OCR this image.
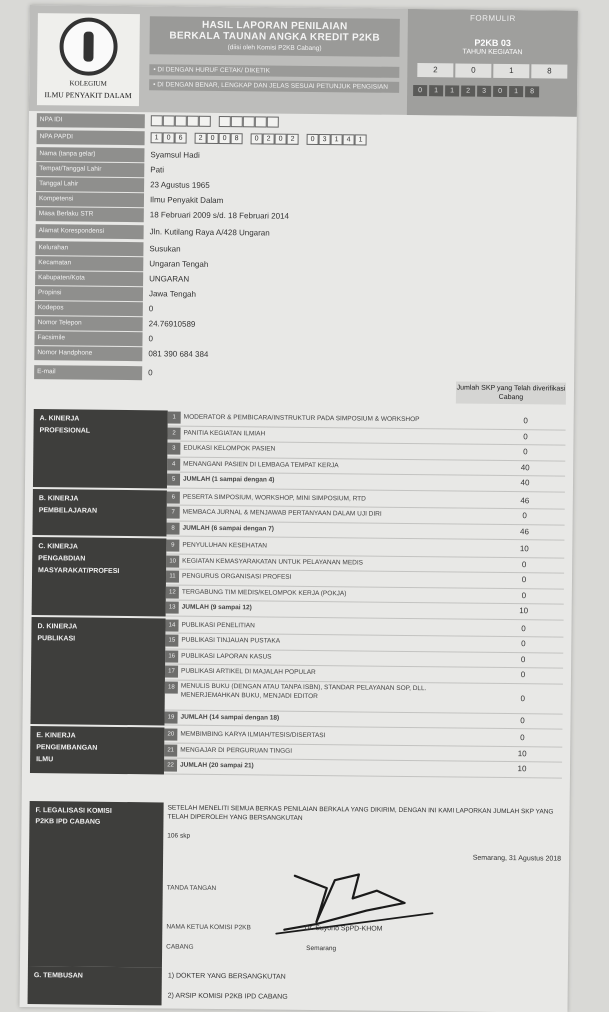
KOLEGIUM
ILMU PENYAKIT DALAM
HASIL LAPORAN PENILAIAN
BERKALA TAUNAN ANGKA KREDIT P2KB
(diisi oleh Komisi P2KB Cabang)
• DI DENGAN HURUF CETAK/ DIKETIK
• DI DENGAN BENAR, LENGKAP DAN JELAS SESUAI PETUNJUK PENGISIAN
FORMULIR
P2KB 03
TAHUN KEGIATAN
2	0	1	8
0	1	1	2	3	0	1	8
NPA IDI
NPA PAPDI	1	0	6	2	0	0	8	0	2	0	2	0	3	1	4	1
Nama (tanpa gelar)	Syamsul Hadi
Tempat/Tanggal Lahir	Pati
Tanggal Lahir	23 Agustus 1965
Kompetensi	Ilmu Penyakit Dalam
Masa Berlaku STR	18 Februari 2009 s/d. 18 Februari 2014
Alamat Korespondensi	Jln. Kutilang Raya A/428 Ungaran
Kelurahan	Susukan
Kecamatan	Ungaran Tengah
Kabupaten/Kota	UNGARAN
Propinsi	Jawa Tengah
Kodepos	0
Nomor Telepon	24.76910589
Facsimile	0
Nomor Handphone	081 390 684 384
E-mail	0
Jumlah SKP yang Telah diverifikasi Cabang
1	MODERATOR & PEMBICARA/INSTRUKTUR PADA SIMPOSIUM & WORKSHOP	0
2	PANITIA KEGIATAN ILMIAH	0
3	EDUKASI KELOMPOK PASIEN	0
4	MENANGANI PASIEN DI LEMBAGA TEMPAT KERJA	40
5	JUMLAH (1 sampai dengan 4)	40
A. KINERJA
PROFESIONAL
6	PESERTA SIMPOSIUM, WORKSHOP, MINI SIMPOSIUM, RTD	46
7	MEMBACA JURNAL & MENJAWAB PERTANYAAN DALAM UJI DIRI	0
8	JUMLAH (6 sampai dengan 7)	46
B. KINERJA
PEMBELAJARAN
9	PENYULUHAN KESEHATAN	10
10 KEGIATAN KEMASYARAKATAN UNTUK PELAYANAN MEDIS	0
11 PENGURUS ORGANISASI PROFESI	0
12 TERGABUNG TIM MEDIS/KELOMPOK KERJA (POKJA)	0
13 JUMLAH (9 sampai 12)	10
C. KINERJA
PENGABDIAN
MASYARAKAT/PROFESI
14 PUBLIKASI PENELITIAN	0
15 PUBLIKASI TINJAUAN PUSTAKA	0
16 PUBLIKASI LAPORAN KASUS	0
17 PUBLIKASI ARTIKEL DI MAJALAH POPULAR	0
18 MENULIS BUKU (DENGAN ATAU TANPA ISBN), STANDAR PELAYANAN SOP, DLL. MENERJEMAHKAN BUKU, MENJADI EDITOR	0
19 JUMLAH (14 sampai dengan 18)	0
D. KINERJA
PUBLIKASI
20 MEMBIMBING KARYA ILMIAH/TESIS/DISERTASI	0
21 MENGAJAR DI PERGURUAN TINGGI	10
22 JUMLAH (20 sampai 21)	10
E. KINERJA
PENGEMBANGAN
ILMU
F. LEGALISASI KOMISI
P2KB IPD CABANG
SETELAH MENELITI SEMUA BERKAS PENILAIAN BERKALA YANG DIKIRIM, DENGAN INI KAMI LAPORKAN JUMLAH SKP YANG TELAH DIPEROLEH YANG BERSANGKUTAN
106 skp
Semarang, 31 Agustus 2018
TANDA TANGAN
NAMA KETUA KOMISI P2KB	Dr. Suyono SpPD-KHOM
CABANG	Semarang
G. TEMBUSAN	1) DOKTER YANG BERSANGKUTAN
2) ARSIP KOMISI P2KB IPD CABANG
